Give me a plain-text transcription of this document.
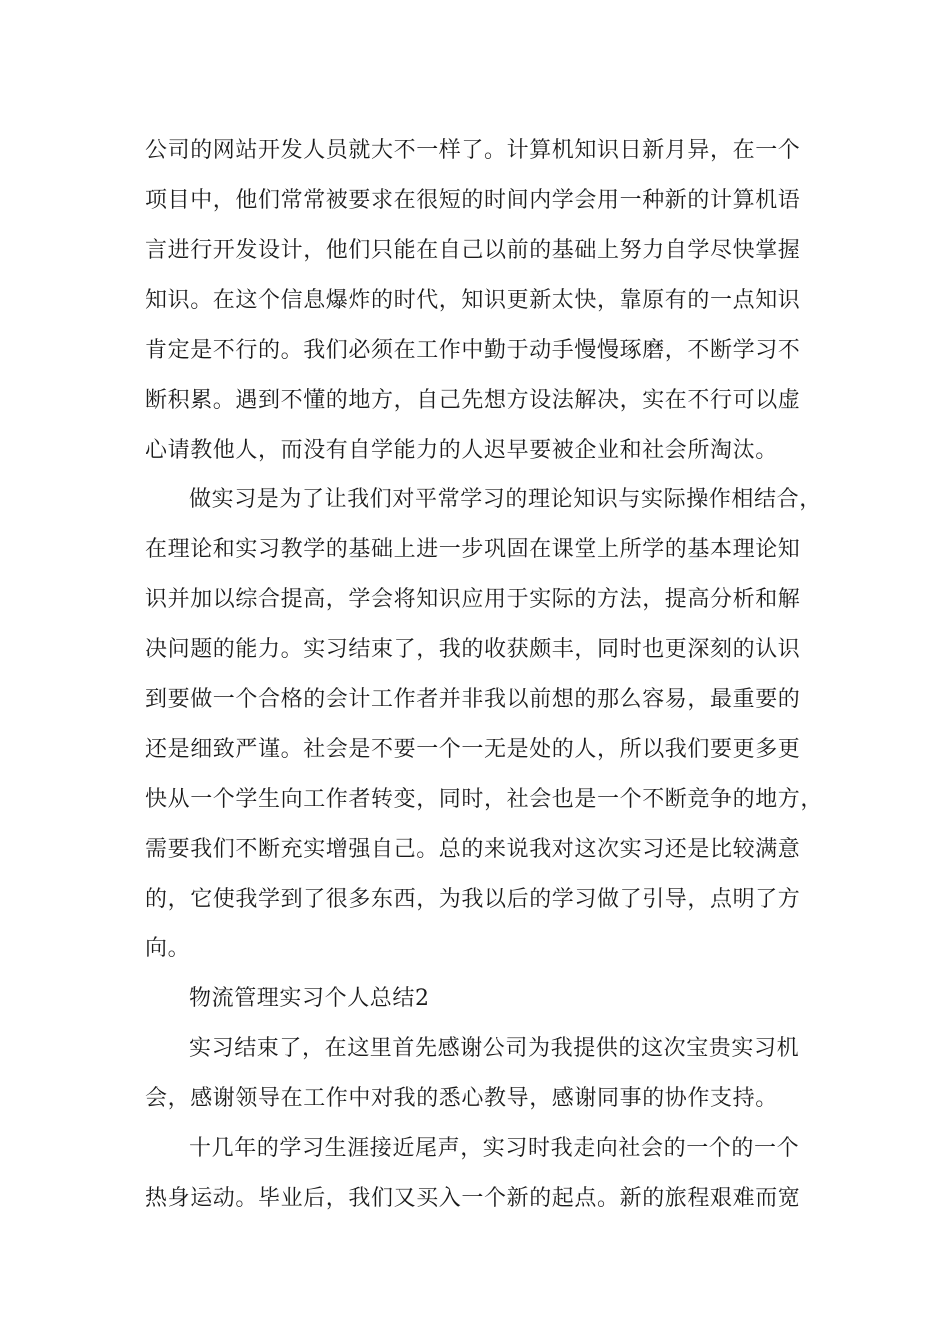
公司的网站开发人员就大不一样了。计算机知识日新月异，在一个

项目中，他们常常被要求在很短的时间内学会用一种新的计算机语

言进行开发设计，他们只能在自己以前的基础上努力自学尽快掌握

知识。在这个信息爆炸的时代，知识更新太快，靠原有的一点知识

肯定是不行的。我们必须在工作中勤于动手慢慢琢磨，不断学习不

断积累。遇到不懂的地方，自己先想方设法解决，实在不行可以虚

心请教他人，而没有自学能力的人迟早要被企业和社会所淘汰。

做实习是为了让我们对平常学习的理论知识与实际操作相结合，

在理论和实习教学的基础上进一步巩固在课堂上所学的基本理论知

识并加以综合提高，学会将知识应用于实际的方法，提高分析和解

决问题的能力。实习结束了，我的收获颇丰，同时也更深刻的认识

到要做一个合格的会计工作者并非我以前想的那么容易，最重要的

还是细致严谨。社会是不要一个一无是处的人，所以我们要更多更

快从一个学生向工作者转变，同时，社会也是一个不断竞争的地方，

需要我们不断充实增强自己。总的来说我对这次实习还是比较满意

的，它使我学到了很多东西，为我以后的学习做了引导，点明了方

向。

物流管理实习个人总结2

实习结束了，在这里首先感谢公司为我提供的这次宝贵实习机

会，感谢领导在工作中对我的悉心教导，感谢同事的协作支持。

十几年的学习生涯接近尾声，实习时我走向社会的一个的一个

热身运动。毕业后，我们又买入一个新的起点。新的旅程艰难而宽
